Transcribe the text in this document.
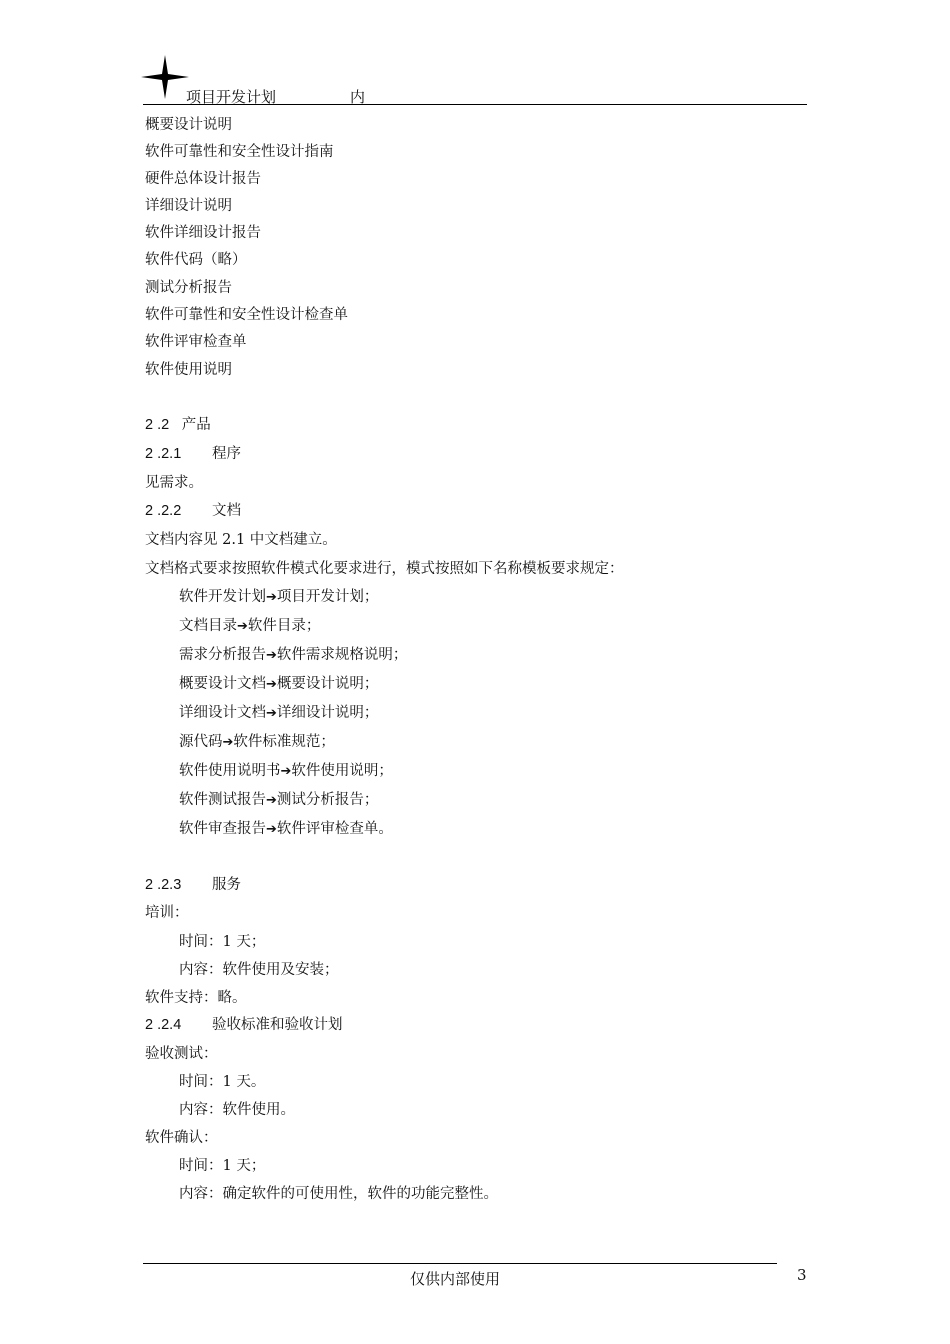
项目开发计划	内
概要设计说明
软件可靠性和安全性设计指南
硬件总体设计报告
详细设计说明
软件详细设计报告
软件代码（略）
测试分析报告
软件可靠性和安全性设计检查单
软件评审检查单
软件使用说明
2 .2 产品
2 .2.1 程序
见需求。
2 .2.2 文档
文档内容见 2.1 中文档建立。
文档格式要求按照软件模式化要求进行，模式按照如下名称模板要求规定：
软件开发计划➔项目开发计划；
文档目录➔软件目录；
需求分析报告➔软件需求规格说明；
概要设计文档➔概要设计说明；
详细设计文档➔详细设计说明；
源代码➔软件标准规范；
软件使用说明书➔软件使用说明；
软件测试报告➔测试分析报告；
软件审查报告➔软件评审检查单。
2 .2.3 服务
培训：
时间：1 天；
内容：软件使用及安装；
软件支持：略。
2 .2.4 验收标准和验收计划
验收测试：
时间：1 天。
内容：软件使用。
软件确认：
时间：1 天；
内容：确定软件的可使用性，软件的功能完整性。
仅供内部使用	3
